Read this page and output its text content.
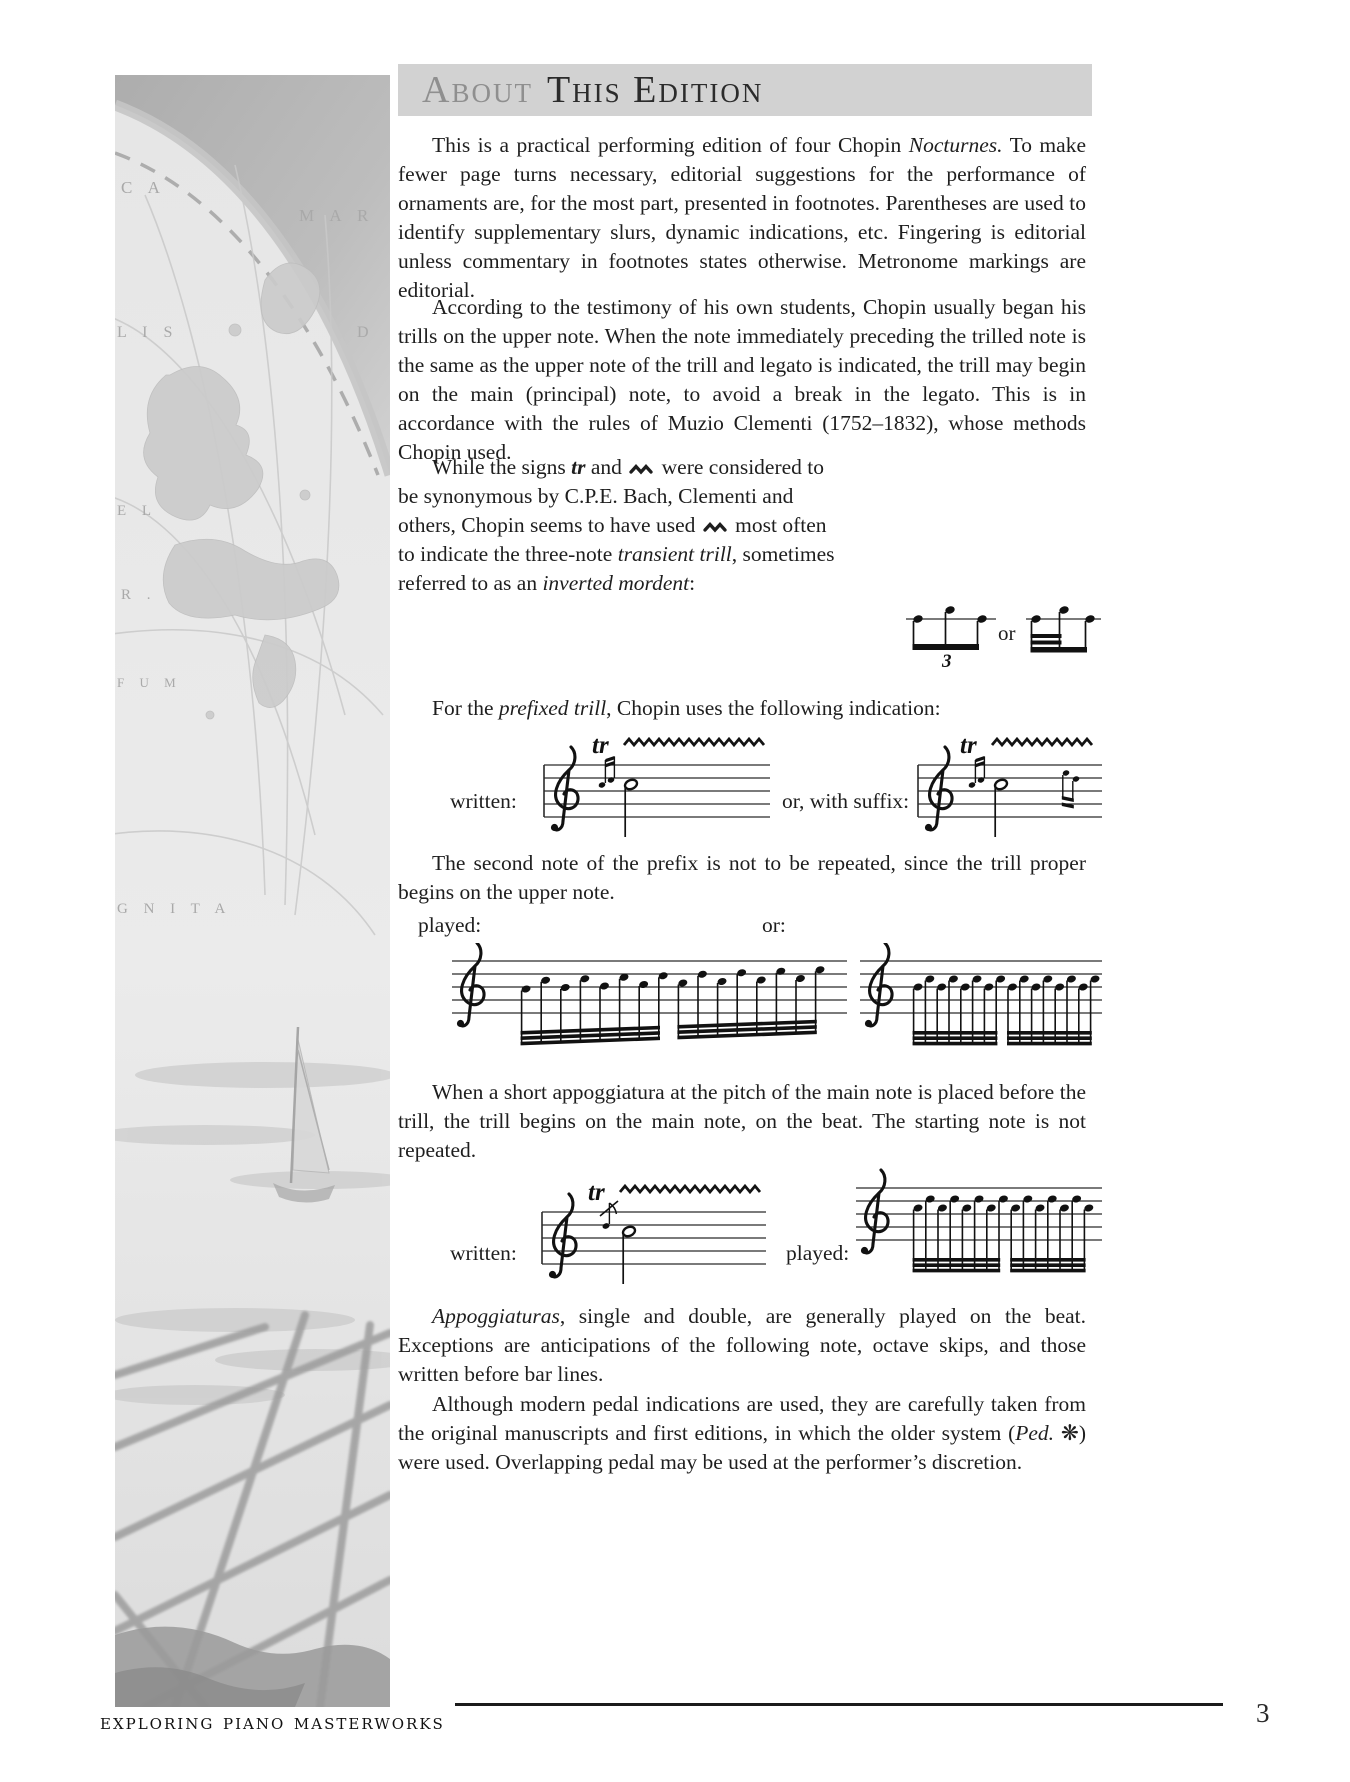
C A
M A R
L I S	D
E L
R .
F U M
G N I T A
About This Edition

This is a practical performing edition of four Chopin Nocturnes. To make fewer page turns necessary, editorial suggestions for the performance of ornaments are, for the most part, presented in footnotes. Parentheses are used to identify supplementary slurs, dynamic indications, etc. Fingering is editorial unless commentary in footnotes states otherwise. Metronome markings are editorial.

According to the testimony of his own students, Chopin usually began his trills on the upper note. When the note immediately preceding the trilled note is the same as the upper note of the trill and legato is indicated, the trill may begin on the main (principal) note, to avoid a break in the legato. This is in accordance with the rules of Muzio Clementi (1752–1832), whose methods Chopin used.

While the signs tr and  were considered to be synonymous by C.P.E. Bach, Clementi and others, Chopin seems to have used  most often to indicate the three-note transient trill, sometimes referred to as an inverted mordent:

For the prefixed trill, Chopin uses the following indication:

The second note of the prefix is not to be repeated, since the trill proper begins on the upper note.

When a short appoggiatura at the pitch of the main note is placed before the trill, the trill begins on the main note, on the beat. The starting note is not repeated.

Appoggiaturas, single and double, are generally played on the beat. Exceptions are anticipations of the following note, octave skips, and those written before bar lines.

Although modern pedal indications are used, they are carefully taken from the original manuscripts and first editions, in which the older system (Ped. ❋) were used. Overlapping pedal may be used at the performer’s discretion.

3
or
written:
tr
or, with suffix:
tr
played:	or:
written:
tr
played:
exploring piano masterworks	3
